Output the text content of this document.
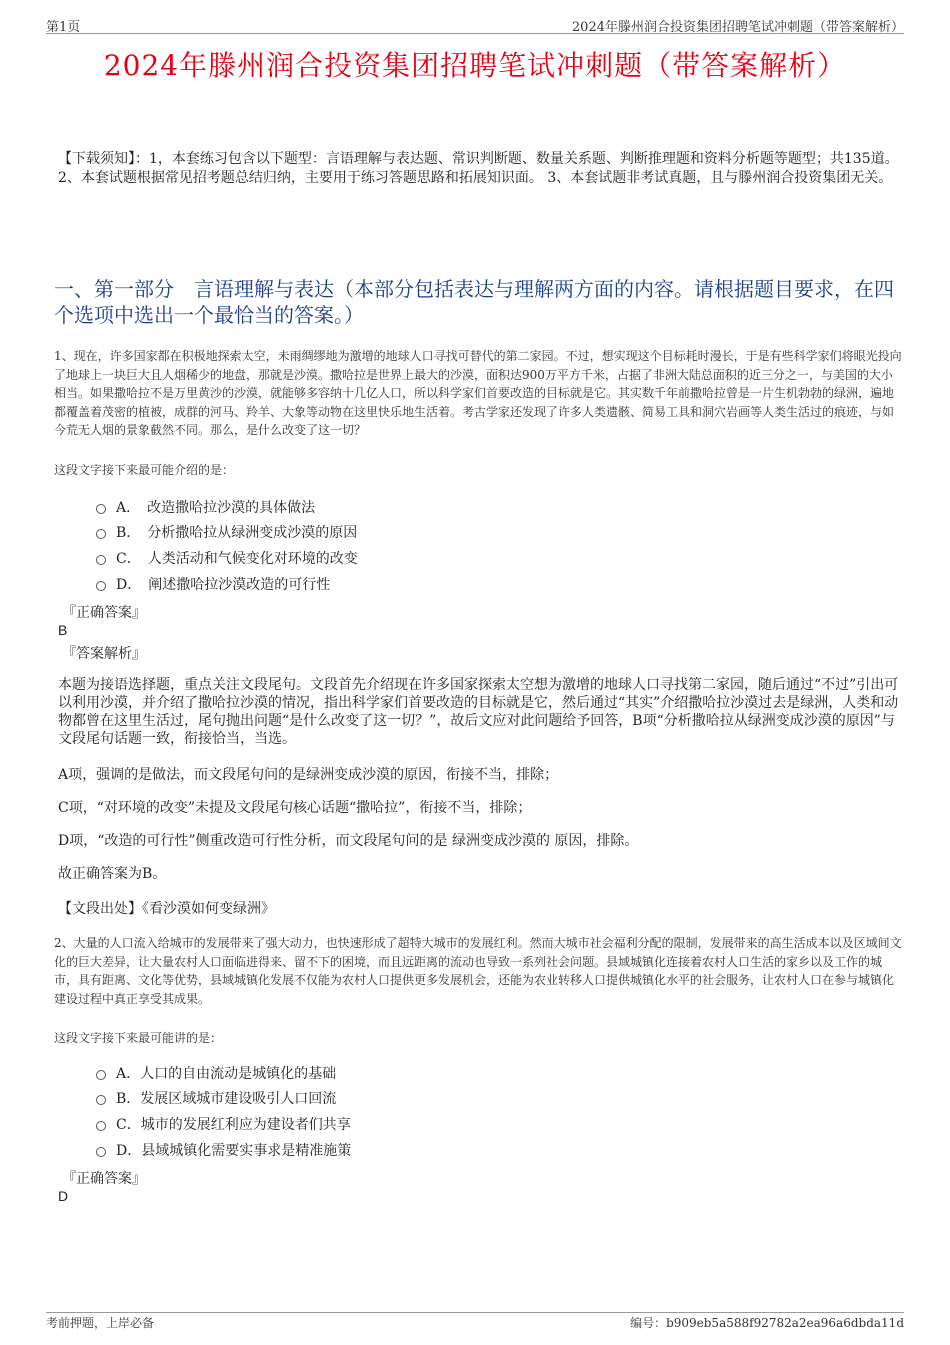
第1页	2024年滕州润合投资集团招聘笔试冲刺题（带答案解析）
2024年滕州润合投资集团招聘笔试冲刺题（带答案解析）
【下载须知】：1，本套练习包含以下题型：言语理解与表达题、常识判断题、数量关系题、判断推理题和资料分析题等题型；共135道。 2、本套试题根据常见招考题总结归纳，主要用于练习答题思路和拓展知识面。 3、本套试题非考试真题，且与滕州润合投资集团无关。
一、第一部分　言语理解与表达（本部分包括表达与理解两方面的内容。请根据题目要求，在四个选项中选出一个最恰当的答案。）
1、现在，许多国家都在积极地探索太空，未雨绸缪地为激增的地球人口寻找可替代的第二家园。不过，想实现这个目标耗时漫长，于是有些科学家们将眼光投向了地球上一块巨大且人烟稀少的地盘，那就是沙漠。撒哈拉是世界上最大的沙漠，面积达900万平方千米，占据了非洲大陆总面积的近三分之一，与美国的大小相当。如果撒哈拉不是万里黄沙的沙漠，就能够多容纳十几亿人口，所以科学家们首要改造的目标就是它。其实数千年前撒哈拉曾是一片生机勃勃的绿洲，遍地都覆盖着茂密的植被，成群的河马、羚羊、大象等动物在这里快乐地生活着。考古学家还发现了许多人类遗骸、简易工具和洞穴岩画等人类生活过的痕迹，与如今荒无人烟的景象截然不同。那么，是什么改变了这一切？
这段文字接下来最可能介绍的是：
A．　改造撒哈拉沙漠的具体做法
B．　分析撒哈拉从绿洲变成沙漠的原因
C．　人类活动和气候变化对环境的改变
D．　阐述撒哈拉沙漠改造的可行性
『正确答案』
B
『答案解析』
本题为接语选择题，重点关注文段尾句。文段首先介绍现在许多国家探索太空想为激增的地球人口寻找第二家园，随后通过“不过”引出可以利用沙漠，并介绍了撒哈拉沙漠的情况，指出科学家们首要改造的目标就是它，然后通过“其实”介绍撒哈拉沙漠过去是绿洲，人类和动物都曾在这里生活过，尾句抛出问题“是什么改变了这一切？”，故后文应对此问题给予回答，B项“分析撒哈拉从绿洲变成沙漠的原因”与文段尾句话题一致，衔接恰当，当选。
A项，强调的是做法，而文段尾句问的是绿洲变成沙漠的原因，衔接不当，排除；
C项，“对环境的改变”未提及文段尾句核心话题“撒哈拉”，衔接不当，排除；
D项，“改造的可行性”侧重改造可行性分析，而文段尾句问的是 绿洲变成沙漠的 原因，排除。
故正确答案为B。
【文段出处】《看沙漠如何变绿洲》
2、大量的人口流入给城市的发展带来了强大动力，也快速形成了超特大城市的发展红利。然而大城市社会福利分配的限制，发展带来的高生活成本以及区域间文化的巨大差异，让大量农村人口面临进得来、留不下的困境，而且远距离的流动也导致一系列社会问题。县域城镇化连接着农村人口生活的家乡以及工作的城市，具有距离、文化等优势，县域城镇化发展不仅能为农村人口提供更多发展机会，还能为农业转移人口提供城镇化水平的社会服务，让农村人口在参与城镇化建设过程中真正享受其成果。
这段文字接下来最可能讲的是：
A．人口的自由流动是城镇化的基础
B．发展区域城市建设吸引人口回流
C．城市的发展红利应为建设者们共享
D．县域城镇化需要实事求是精准施策
『正确答案』
D
考前押题，上岸必备	编号：b909eb5a588f92782a2ea96a6dbda11d
